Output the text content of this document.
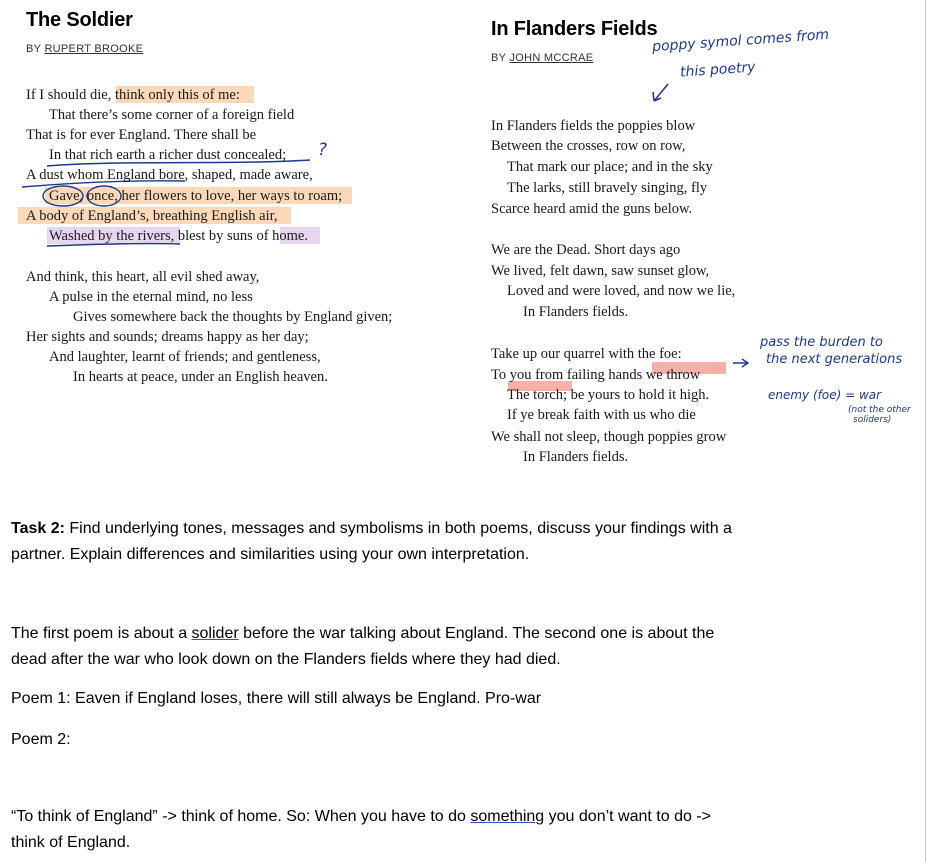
The Soldier
BY RUPERT BROOKE
If I should die, think only this of me:
That there’s some corner of a foreign field
That is for ever England. There shall be
In that rich earth a richer dust concealed;
A dust whom England bore, shaped, made aware,
Gave, once, her flowers to love, her ways to roam;
A body of England’s, breathing English air,
Washed by the rivers, blest by suns of home.
And think, this heart, all evil shed away,
A pulse in the eternal mind, no less
Gives somewhere back the thoughts by England given;
Her sights and sounds; dreams happy as her day;
And laughter, learnt of friends; and gentleness,
In hearts at peace, under an English heaven.
?
In Flanders Fields
BY JOHN MCCRAE
poppy symol comes from
this poetry
In Flanders fields the poppies blow
Between the crosses, row on row,
That mark our place; and in the sky
The larks, still bravely singing, fly
Scarce heard amid the guns below.
We are the Dead. Short days ago
We lived, felt dawn, saw sunset glow,
Loved and were loved, and now we lie,
In Flanders fields.
Take up our quarrel with the foe:
To you from failing hands we throw
The torch; be yours to hold it high.
If ye break faith with us who die
We shall not sleep, though poppies grow
In Flanders fields.
pass the burden to
the next generations
enemy (foe) = war
(not the other
soliders)
Task 2: Find underlying tones, messages and symbolisms in both poems, discuss your findings with a
partner. Explain differences and similarities using your own interpretation.
The first poem is about a solider before the war talking about England. The second one is about the
dead after the war who look down on the Flanders fields where they had died.
Poem 1: Eaven if England loses, there will still always be England. Pro-war
Poem 2:
“To think of England” -> think of home. So: When you have to do something you don’t want to do ->
think of England.
